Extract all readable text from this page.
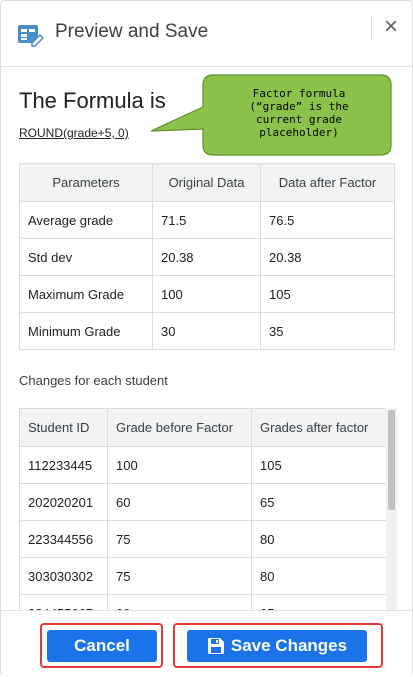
Preview and Save	×
The Formula is
ROUND(grade+5, 0)
Factor formula
(“grade” is the
current grade
placeholder)
Parameters	Original Data	Data after Factor
Average grade	71.5	76.5
Std dev	20.38	20.38
Maximum Grade	100	105
Minimum Grade	30	35
Changes for each student
Student ID	Grade before Factor	Grades after factor
112233445	100	105
202020201	60	65
223344556	75	80
303030302	75	80

Cancel	Save Changes
